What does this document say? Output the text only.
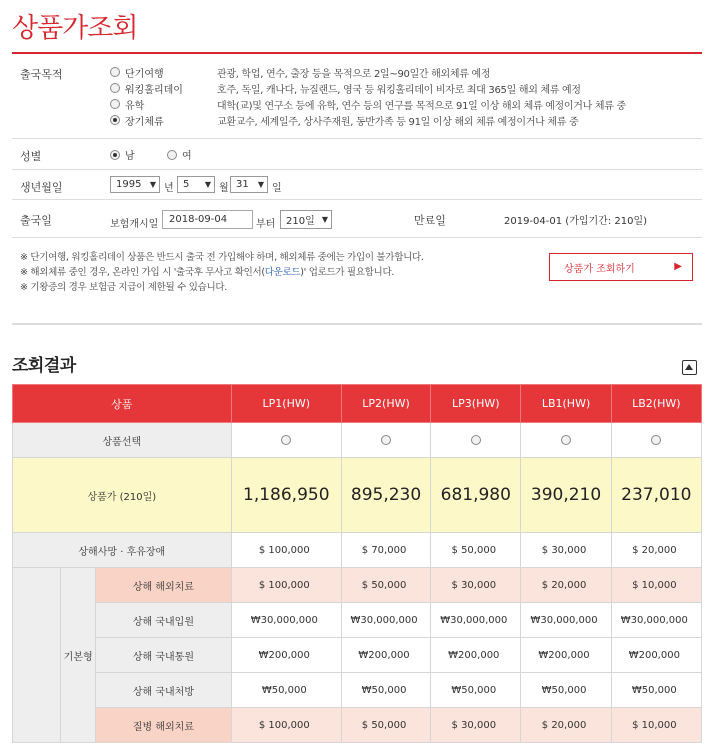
상품가조회
출국목적	단기여행	관광, 학업, 연수, 출장 등을 목적으로 2일~90일간 해외체류 예정
워킹홀리데이	호주, 독일, 캐나다, 뉴질랜드, 영국 등 워킹홀리데이 비자로 최대 365일 해외 체류 예정
유학	대학(교)및 연구소 등에 유학, 연수 등의 연구를 목적으로 91일 이상 해외 체류 예정이거나 체류 중
장기체류	교환교수, 세계일주, 상사주재원, 동반가족 등 91일 이상 해외 체류 예정이거나 체류 중
성별	남	여
생년월일	1995 ▼ 년 5 ▼ 월 31 ▼ 일
출국일	보험개시일 2018-09-04	부터 210일 ▼	만료일	2019-04-01 (가입기간: 210일)
※ 단기여행, 워킹홀리데이 상품은 반드시 출국 전 가입해야 하며, 해외체류 중에는 가입이 불가합니다.
※ 해외체류 중인 경우, 온라인 가입 시 '출국후 무사고 확인서(다운로드)' 업로드가 필요합니다.
※ 기왕증의 경우 보험금 지급이 제한될 수 있습니다.
상품가 조회하기	▶
조회결과
상품			LP1(HW)	LP2(HW)	LP3(HW)	LB1(HW)	LB2(HW)
상품선택							
상품가 (210일)			1,186,950	895,230	681,980	390,210	237,010
상해사망 · 후유장애			$ 100,000	$ 70,000	$ 50,000	$ 30,000	$ 20,000
	기본형	상해 해외치료	$ 100,000	$ 50,000	$ 30,000	$ 20,000	$ 10,000
		상해 국내입원	₩30,000,000	₩30,000,000	₩30,000,000	₩30,000,000	₩30,000,000
		상해 국내통원	₩200,000	₩200,000	₩200,000	₩200,000	₩200,000
		상해 국내처방	₩50,000	₩50,000	₩50,000	₩50,000	₩50,000
		질병 해외치료	$ 100,000	$ 50,000	$ 30,000	$ 20,000	$ 10,000
